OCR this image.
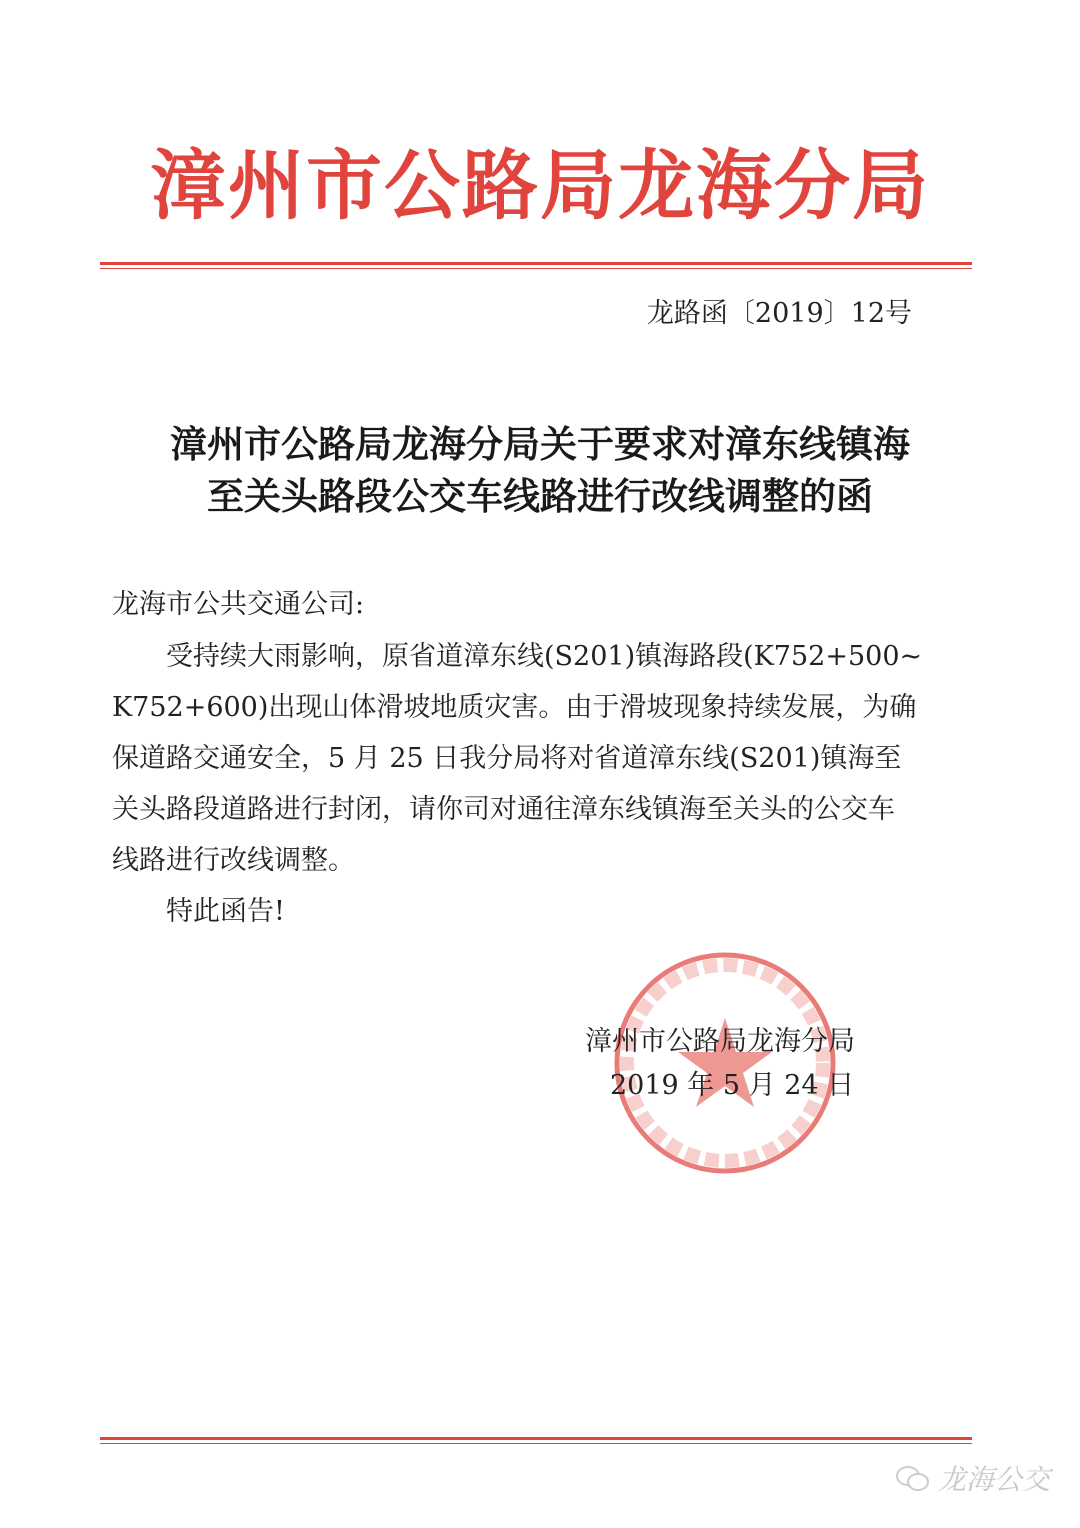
漳州市公路局龙海分局
龙路函〔2019〕12号
漳州市公路局龙海分局关于要求对漳东线镇海
至关头路段公交车线路进行改线调整的函
龙海市公共交通公司:
受持续大雨影响，原省道漳东线(S201)镇海路段(K752+500~
K752+600)出现山体滑坡地质灾害。由于滑坡现象持续发展，为确
保道路交通安全，5 月 25 日我分局将对省道漳东线(S201)镇海至
关头路段道路进行封闭，请你司对通往漳东线镇海至关头的公交车
线路进行改线调整。
特此函告!
漳州市公路局龙海分局
2019 年 5 月 24 日
龙海公交
